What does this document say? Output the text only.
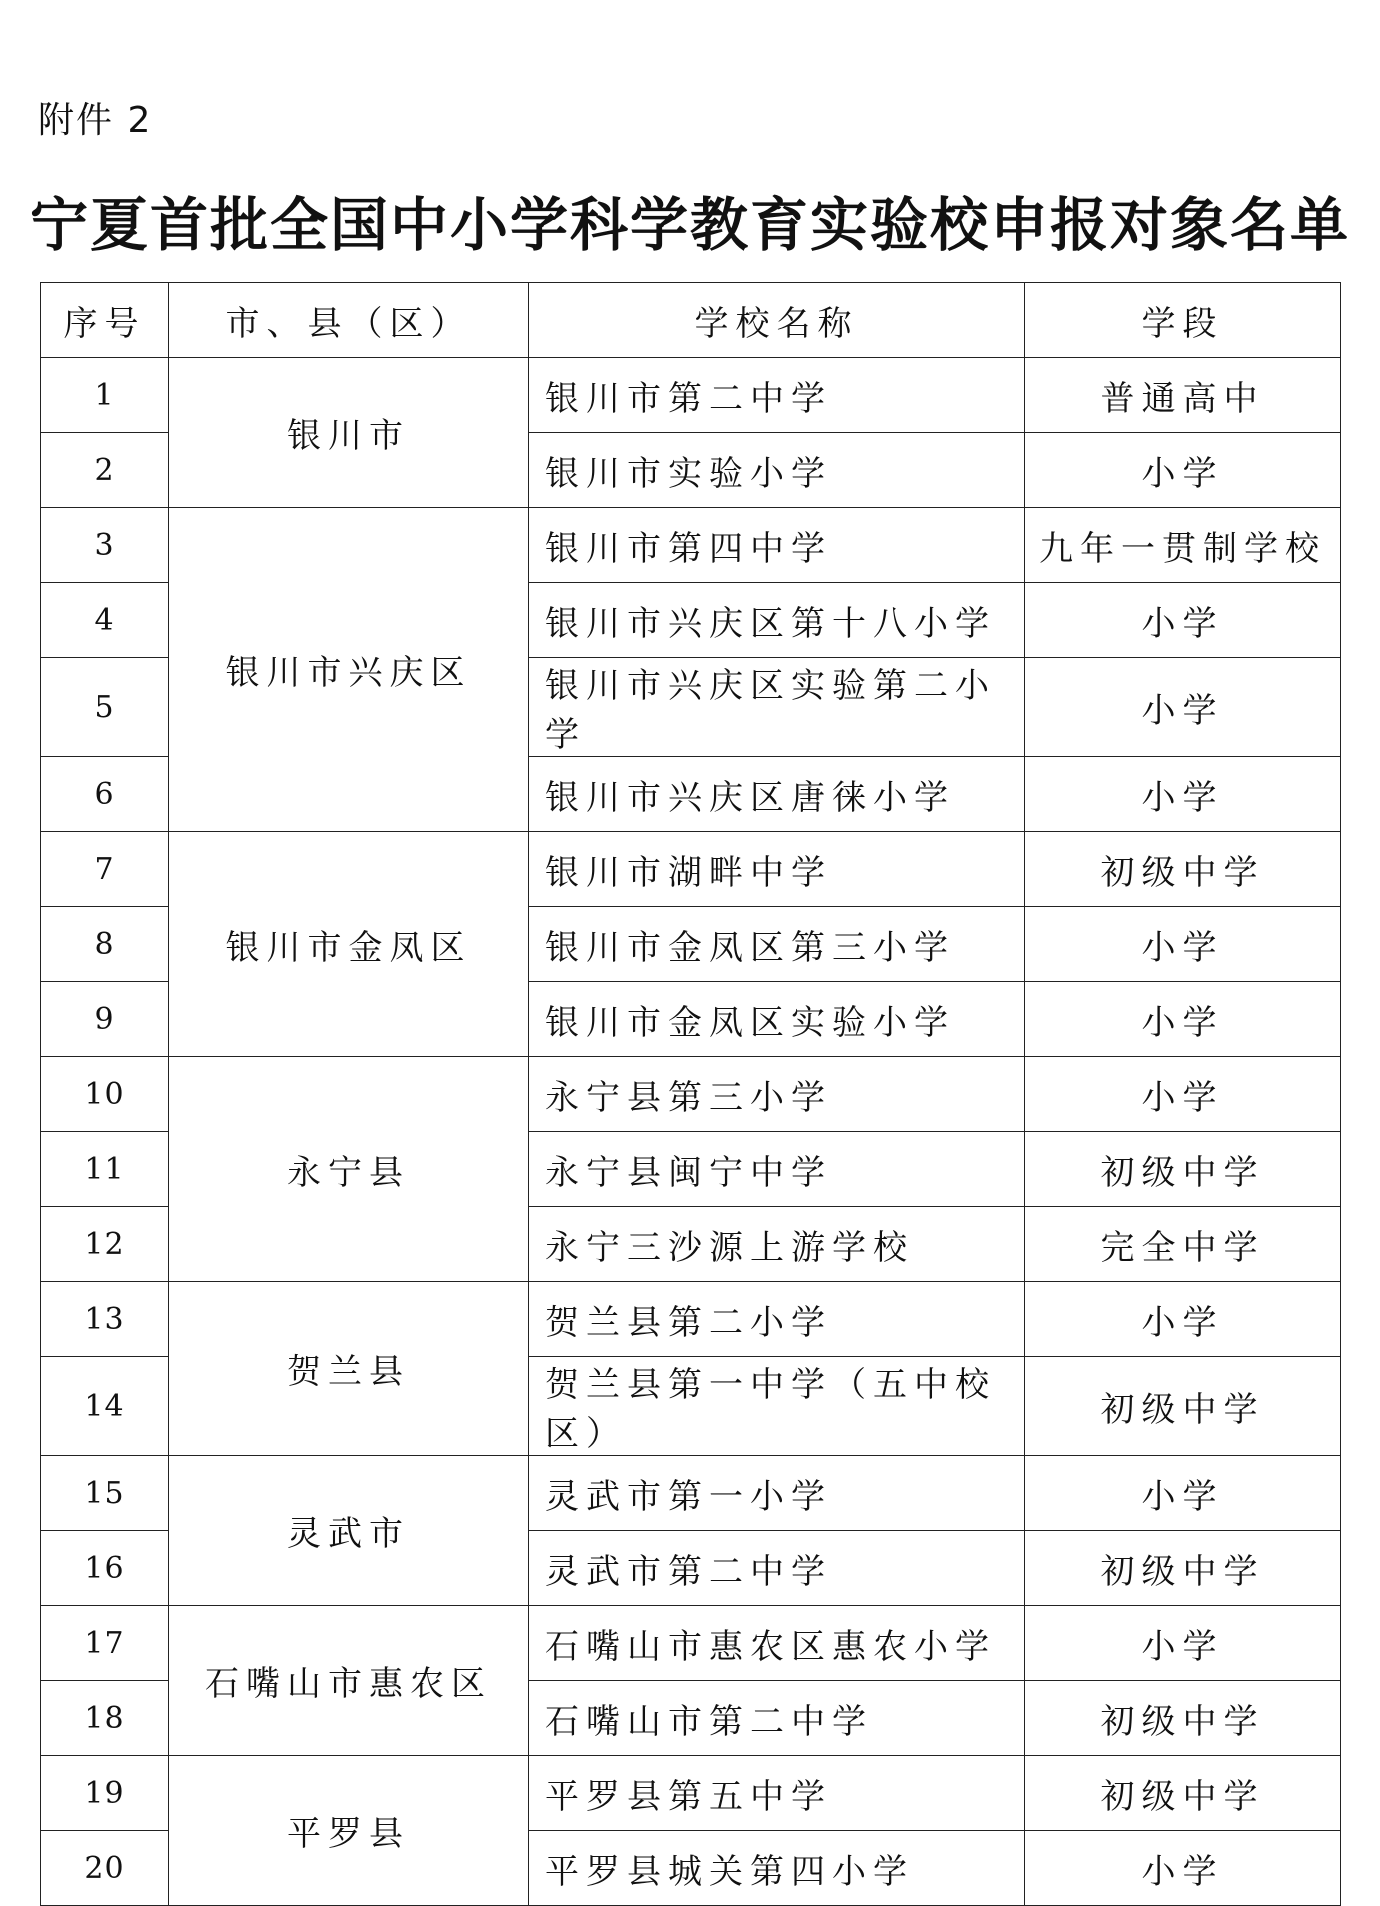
附件 2
宁夏首批全国中小学科学教育实验校申报对象名单
序号	市、县（区）	学校名称	学段
1	银川市	银川市第二中学	普通高中
2		银川市实验小学	小学
3	银川市兴庆区	银川市第四中学	九年一贯制学校
4		银川市兴庆区第十八小学	小学
5		银川市兴庆区实验第二小学	小学
6		银川市兴庆区唐徕小学	小学
7	银川市金凤区	银川市湖畔中学	初级中学
8		银川市金凤区第三小学	小学
9		银川市金凤区实验小学	小学
10	永宁县	永宁县第三小学	小学
11		永宁县闽宁中学	初级中学
12		永宁三沙源上游学校	完全中学
13	贺兰县	贺兰县第二小学	小学
14		贺兰县第一中学（五中校区）	初级中学
15	灵武市	灵武市第一小学	小学
16		灵武市第二中学	初级中学
17	石嘴山市惠农区	石嘴山市惠农区惠农小学	小学
18		石嘴山市第二中学	初级中学
19	平罗县	平罗县第五中学	初级中学
20		平罗县城关第四小学	小学
